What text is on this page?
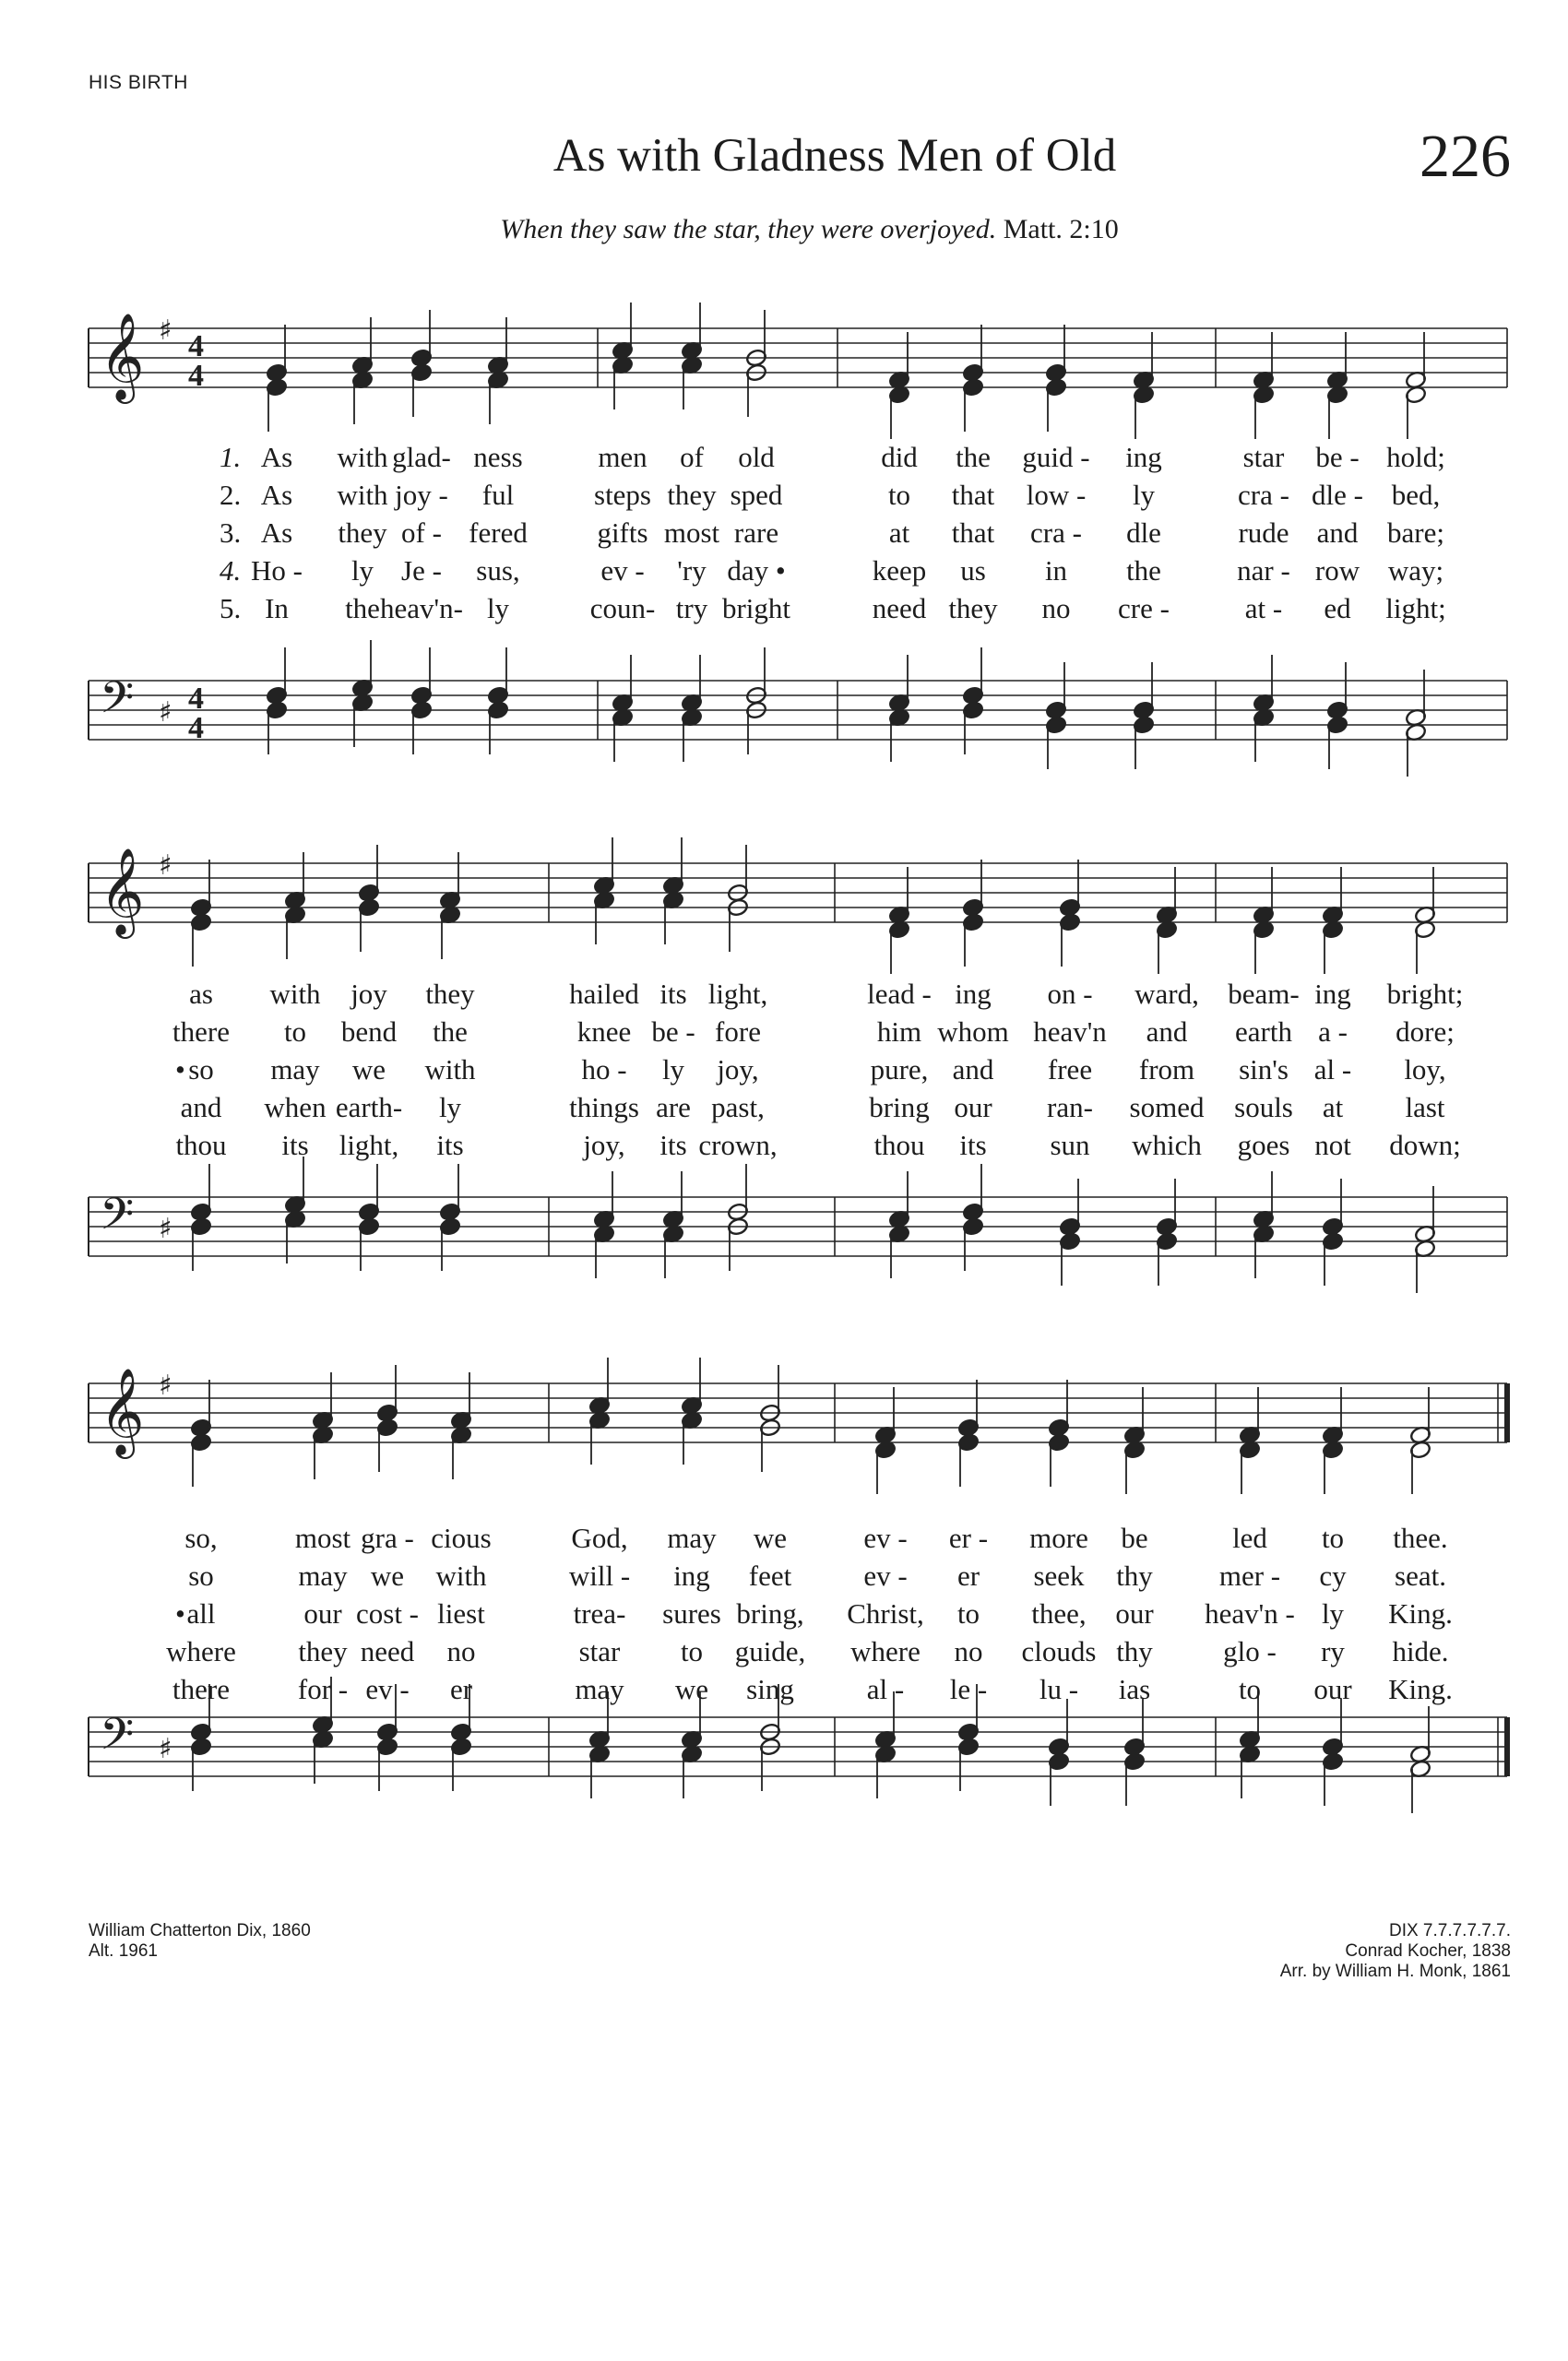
HIS BIRTH
As with Gladness Men of Old	226
When they saw the star, they were overjoyed. Matt. 2:10
𝄞 ♯ 4
4
𝄢 ♯ 4
4
1. As with glad- ness	men of old	did the guid - ing	star be - hold;
2. As with joy - ful	steps they sped	to that low - ly	cra - dle - bed,
3. As they of - fered gifts most rare	at that cra - dle	rude and bare;
4. Ho - ly Je - sus,	ev - 'ry day •	keep us in the	nar - row way;
5. In the heav'n- ly	coun- try bright	need they no cre -	at - ed light;
𝄞 ♯
𝄢 ♯
as with joy they	hailed its light,	lead - ing on - ward, beam- ing bright;
there to bend the	knee be - fore	him whom heav'n and earth a - dore;
• so may we with	ho - ly joy,	pure, and free from sin's al - loy,
and when earth- ly	things are past,	bring our ran- somed souls at last
thou its light, its	joy, its crown,	thou its sun which goes not down;
𝄞 ♯
𝄢 ♯
so,	most gra - cious	God, may we	ev - er - more be	led to thee.
so	may we with	will - ing feet	ev - er seek thy mer - cy seat.
• all	our cost - liest	trea- sures bring, Christ, to thee, our heav'n - ly King.
where they need no	star to guide, where no clouds thy glo - ry hide.
there for - ev - er	may we sing	al - le - lu - ias	to our King.
William Chatterton Dix, 1860
Alt. 1961
DIX 7.7.7.7.7.7.
Conrad Kocher, 1838
Arr. by William H. Monk, 1861
